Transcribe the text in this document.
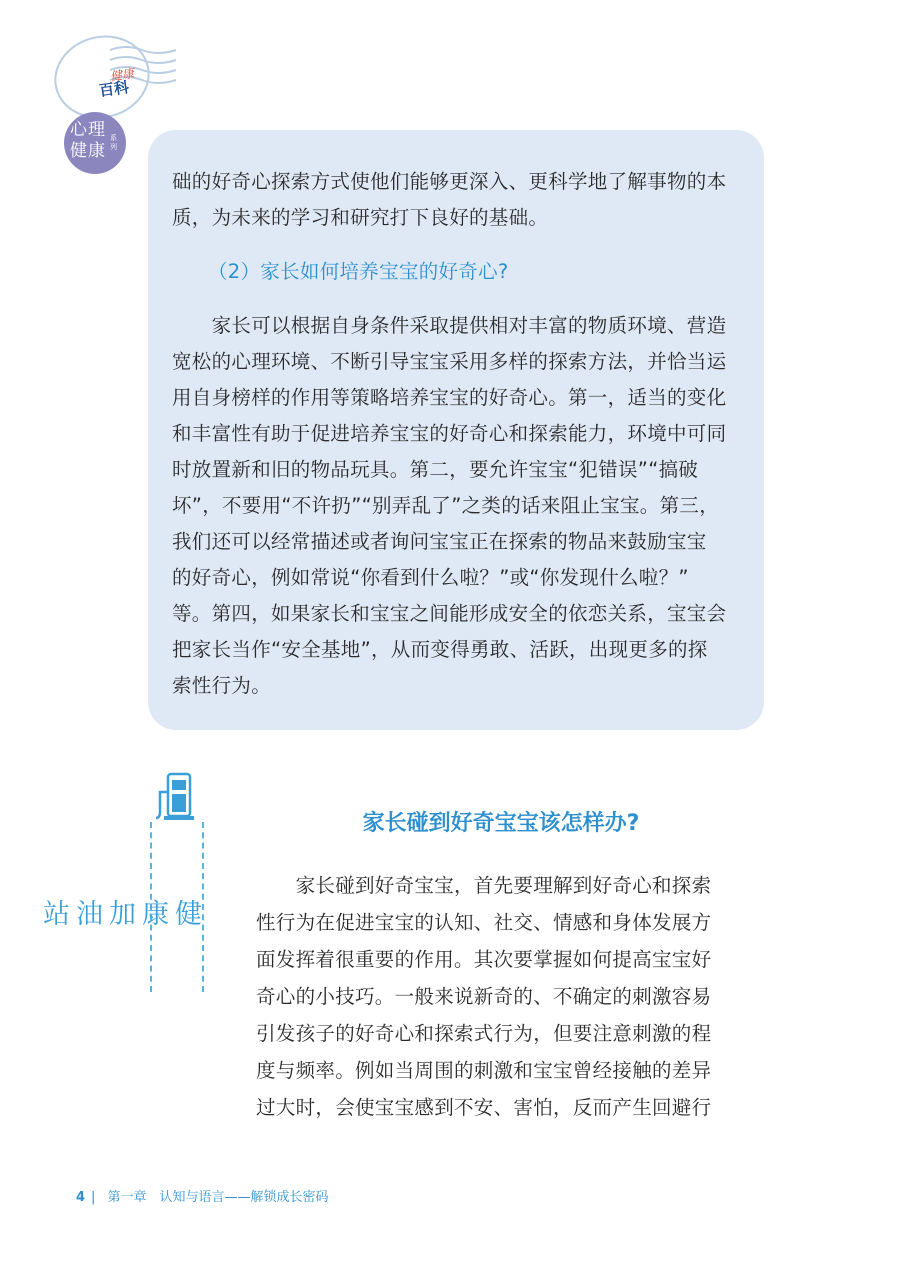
健康
百科
心理
健康
系列
础的好奇心探索方式使他们能够更深入、更科学地了解事物的本
质，为未来的学习和研究打下良好的基础。
（2）家长如何培养宝宝的好奇心?
　　家长可以根据自身条件采取提供相对丰富的物质环境、营造
宽松的心理环境、不断引导宝宝采用多样的探索方法，并恰当运
用自身榜样的作用等策略培养宝宝的好奇心。第一，适当的变化
和丰富性有助于促进培养宝宝的好奇心和探索能力，环境中可同
时放置新和旧的物品玩具。第二，要允许宝宝“犯错误”“搞破
坏”，不要用“不许扔”“别弄乱了”之类的话来阻止宝宝。第三，
我们还可以经常描述或者询问宝宝正在探索的物品来鼓励宝宝
的好奇心，例如常说“你看到什么啦？”或“你发现什么啦？”
等。第四，如果家长和宝宝之间能形成安全的依恋关系，宝宝会
把家长当作“安全基地”，从而变得勇敢、活跃，出现更多的探
索性行为。
健
康
加
油
站
家长碰到好奇宝宝该怎样办?
　　家长碰到好奇宝宝，首先要理解到好奇心和探索
性行为在促进宝宝的认知、社交、情感和身体发展方
面发挥着很重要的作用。其次要掌握如何提高宝宝好
奇心的小技巧。一般来说新奇的、不确定的刺激容易
引发孩子的好奇心和探索式行为，但要注意刺激的程
度与频率。例如当周围的刺激和宝宝曾经接触的差异
过大时，会使宝宝感到不安、害怕，反而产生回避行
4 | 第一章　认知与语言——解锁成长密码
